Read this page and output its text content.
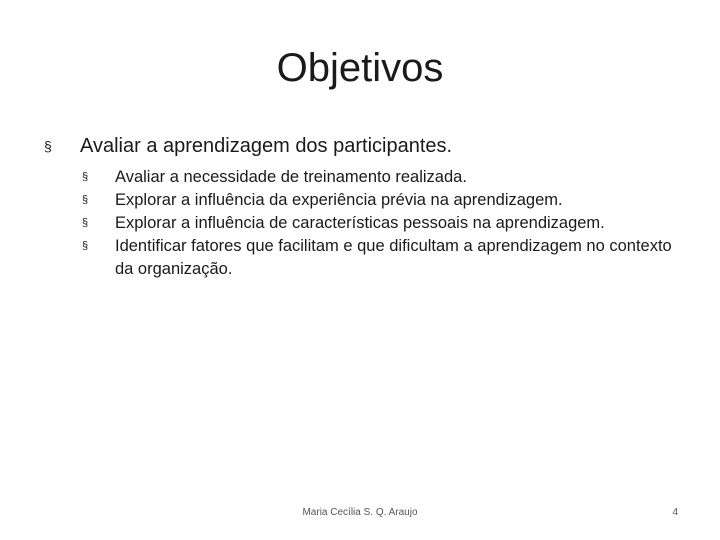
Objetivos
§	Avaliar a aprendizagem dos participantes.
§	Avaliar a necessidade de treinamento realizada.
§	Explorar a influência da experiência prévia na aprendizagem.
§	Explorar a influência de características pessoais na aprendizagem.
§	Identificar fatores que facilitam e que dificultam a aprendizagem no contexto da organização.
Maria Cecília S. Q. Araujo	4
